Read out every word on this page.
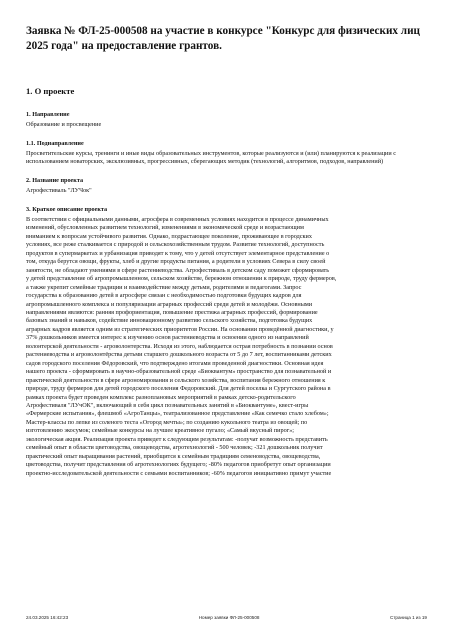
Заявка № ФЛ-25-000508 на участие в конкурсе "Конкурс для физических лиц 2025 года" на предоставление грантов.
1. О проекте
1. Направление
Образование и просвещение
1.1. Поднаправление
Просветительские курсы, тренинги и иные виды образовательных инструментов, которые реализуются и (или) планируются к реализации с использованием новаторских, эксклюзивных, прогрессивных, сберегающих методик (технологий, алгоритмов, подходов, направлений)
2. Название проекта
Агрофестиваль "ЛУЧок"
3. Краткое описание проекта
В соответствии с официальными данными, агросфера в современных условиях находится в процессе динамичных
изменений, обусловленных развитием технологий, изменениями в экономической среде и возрастающим
вниманием к вопросам устойчивого развития. Однако, подрастающее поколение, проживающее в городских
условиях, все реже сталкивается с природой и сельскохозяйственным трудом. Развитие технологий, доступность
продуктов в супермаркетах и урбанизация приводят к тому, что у детей отсутствует элементарное представление о
том, откуда берутся овощи, фрукты, хлеб и другие продукты питания, а родители в условиях Севера в силу своей
занятости, не обладают умениями в сфере растениеводства. Агрофестиваль в детском саду поможет сформировать
у детей представление об агропромышленном, сельском хозяйстве, бережном отношении к природе, труду фермеров,
а также укрепит семейные традиции и взаимодействие между детьми, родителями и педагогами. Запрос
государства к образованию детей в агросфере связан с необходимостью подготовки будущих кадров для
агропромышленного комплекса и популяризации аграрных профессий среди детей и молодёжи. Основными
направлениями являются: ранняя профориентация, повышение престижа аграрных профессий, формирование
базовых знаний и навыков, содействие инновационному развитию сельского хозяйства, подготовка будущих
аграрных кадров является одним из стратегических приоритетов России. На основании проведённой диагностики, у
37% дошкольников имеется интерес к изучению основ растениеводства и освоении одного из направлений
волонтерской деятельности - агроволонтерства. Исходя из этого, наблюдается острая потребность в познании основ
растениеводства и агроволонтёрства детьми старшего дошкольного возраста от 5 до 7 лет, воспитанниками детских
садов городского поселения Фёдоровский, что подтверждено итогами проведенной диагностики. Основная идея
нашего проекта - сформировать в научно-образовательной среде «Биоквантум» пространство для познавательной и
практической деятельности в сфере агрономирования и сельского хозяйства, воспитания бережного отношения к
природе, труду фермеров для детей городского поселения Федоровский. Для детей поселка и Сургутского района в
рамках проекта будет проведен комплекс разноплановых мероприятий в рамках детско-родительского
Агрофестиваля "ЛУчОК", включающий в себя цикл познавательных занятий в «Биоквантуме», квест-игры
«Фермерские испытания», флешмоб «АгроТанцы», театрализованное представление «Как семечко стало хлебом»;
Мастер-классы по лепке из соленого теста «Огород мечты»; по созданию кукольного театра из овощей; по
изготовлению экосумок; семейные конкурсы на лучшее креативное пугало; «Самый вкусный пирог»;
экологическая акция. Реализация проекта приведет к следующим результатам: -получат возможность представить
семейный опыт в области цветоводства, овощеводства, агротехнологий - 500 человек; -321 дошкольник получит
практический опыт выращивания растений, приобщится к семейным традициям семеноводства, овощеводства,
цветоводства, получит представления об агротехнологиях будущего; -80% педагогов приобретут опыт организации
проектно-исследовательской деятельности с семьями воспитанников; -60% педагогов инициативно примут участие
24.03.2025 16:42:23	Номер заявки ФЛ-25-000508	Страница 1 из 19
